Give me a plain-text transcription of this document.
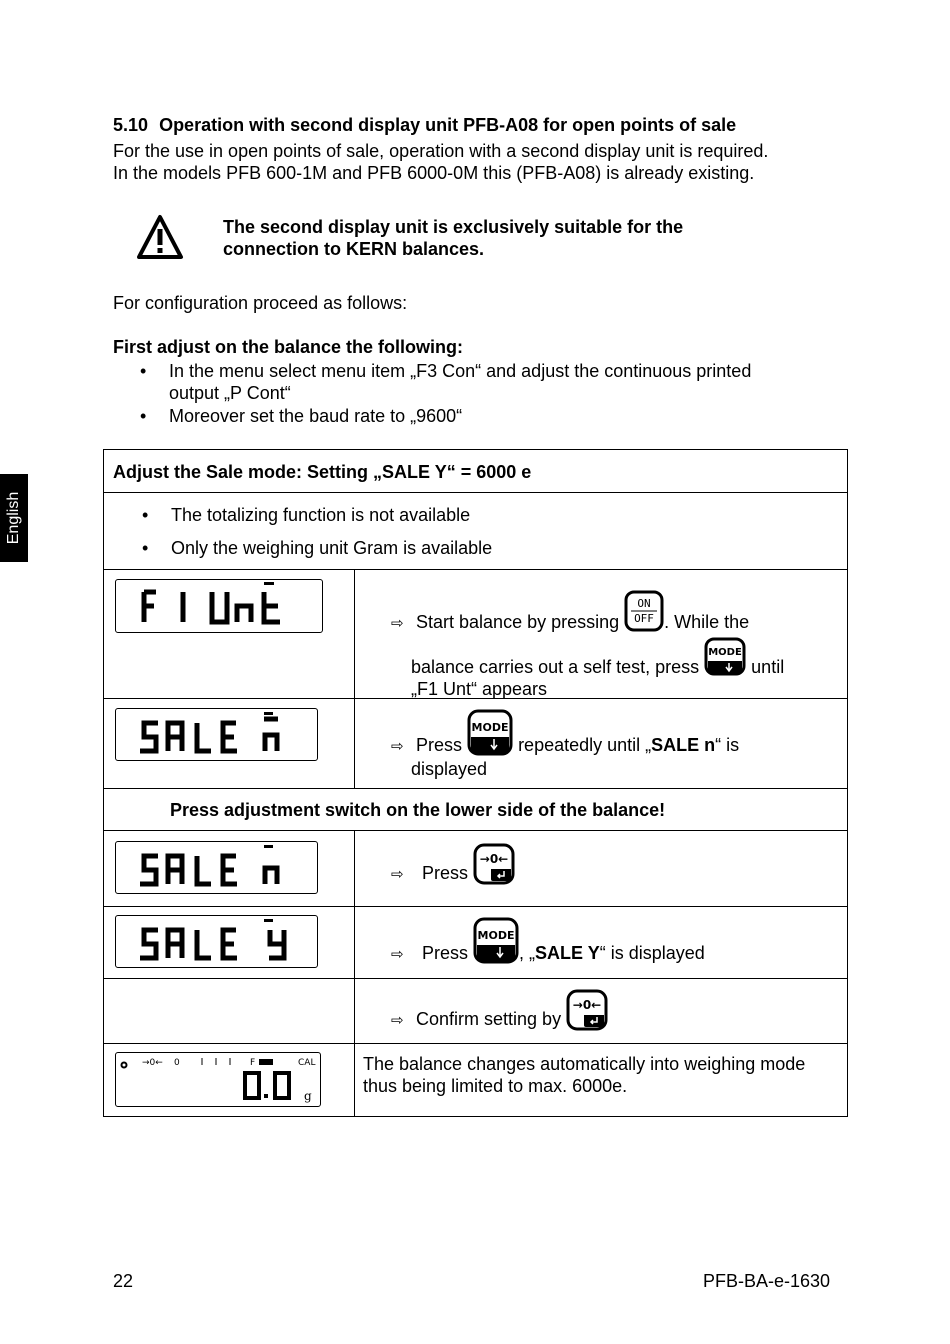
English
5.10 Operation with second display unit PFB-A08 for open points of sale
For the use in open points of sale, operation with a second display unit is required.
In the models PFB 600-1M and PFB 6000-0M this (PFB-A08) is already existing.
The second display unit is exclusively suitable for the
connection to KERN balances.
For configuration proceed as follows:
First adjust on the balance the following:
• In the menu select menu item „F3 Con“ and adjust the continuous printed
output „P Cont“
• Moreover set the baud rate to „9600“
Adjust the Sale mode: Setting „SALE Y“ = 6000 e
• The totalizing function is not available
• Only the weighing unit Gram is available
⇨ Start balance by pressing
ON
OFF . While the
balance carries out a self test, press
MODE
until
„F1 Unt“ appears
⇨ Press
MODE
repeatedly until „SALE n“ is
displayed
Press adjustment switch on the lower side of the balance!
⇨ Press
→0←
⇨ Press
MODE
, „SALE Y“ is displayed
⇨ Confirm setting by
→0←
→0← 0	F	CAL
g
The balance changes automatically into weighing mode
thus being limited to max. 6000e.
22	PFB-BA-e-1630
